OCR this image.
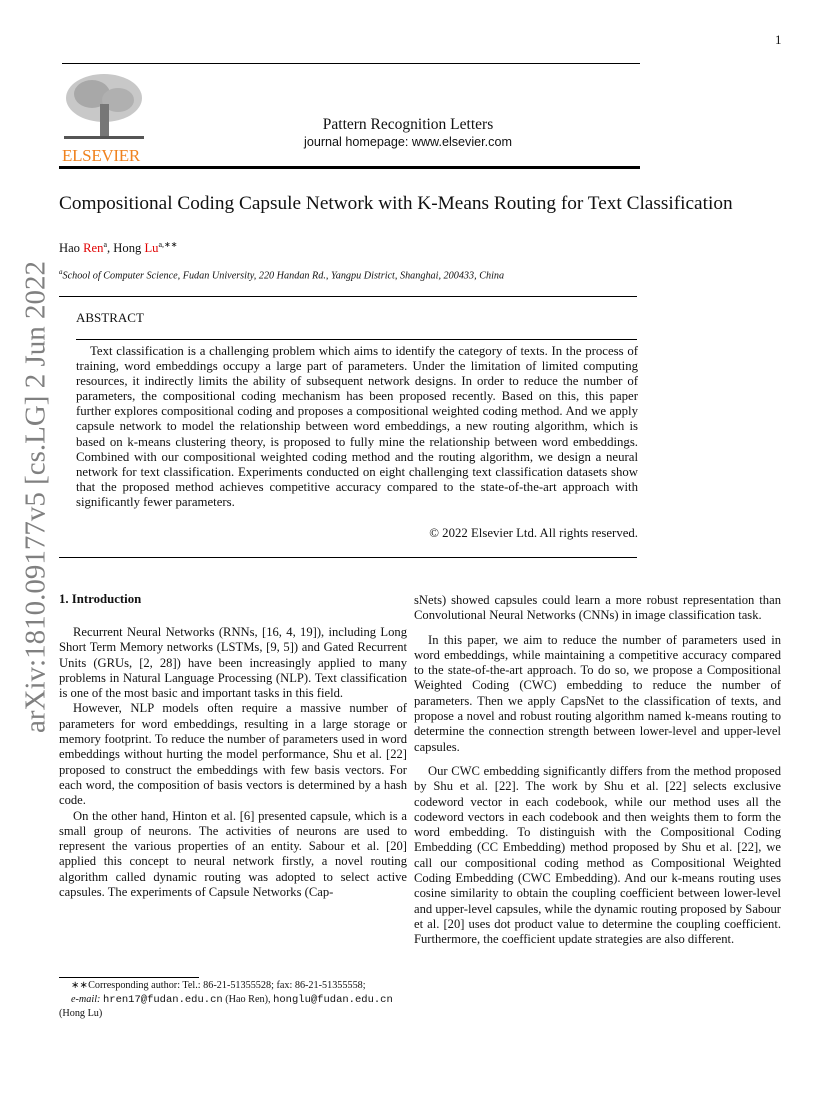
1
arXiv:1810.09177v5 [cs.LG] 2 Jun 2022
ELSEVIER
Pattern Recognition Letters
journal homepage: www.elsevier.com
Compositional Coding Capsule Network with K-Means Routing for Text Classification
Hao Ren$^a$, Hong $Lu^{a,∗∗}$
$^a$School of Computer Science, Fudan University, 220 Handan Rd., Yangpu District, Shanghai, 200433, China
ABSTRACT
Text classification is a challenging problem which aims to identify the category of texts. In the process of training, word embeddings occupy a large part of parameters. Under the limitation of limited computing resources, it indirectly limits the ability of subsequent network designs. In order to reduce the number of parameters, the compositional coding mechanism has been proposed recently. Based on this, this paper further explores compositional coding and proposes a compositional weighted coding method. And we apply capsule network to model the relationship between word embeddings, a new routing algorithm, which is based on k-means clustering theory, is proposed to fully mine the relationship between word embeddings. Combined with our compositional weighted coding method and the routing algorithm, we design a neural network for text classification. Experiments conducted on eight challenging text classification datasets show that the proposed method achieves competitive accuracy compared to the state-of-the-art approach with significantly fewer parameters.
© 2022 Elsevier Ltd. All rights reserved.
1. Introduction
Recurrent Neural Networks (RNNs, [16, 4, 19]), including Long Short Term Memory networks (LSTMs, [9, 5]) and Gated Recurrent Units (GRUs, [2, 28]) have been increasingly applied to many problems in Natural Language Processing (NLP). Text classification is one of the most basic and important tasks in this field.
However, NLP models often require a massive number of parameters for word embeddings, resulting in a large storage or memory footprint. To reduce the number of parameters used in word embeddings without hurting the model performance, Shu et al. [22] proposed to construct the embeddings with few basis vectors. For each word, the composition of basis vectors is determined by a hash code.
On the other hand, Hinton et al. [6] presented capsule, which is a small group of neurons. The activities of neurons are used to represent the various properties of an entity. Sabour et al. [20] applied this concept to neural network firstly, a novel routing algorithm called dynamic routing was adopted to select active capsules. The experiments of Capsule Networks (Cap-
sNets) showed capsules could learn a more robust representation than Convolutional Neural Networks (CNNs) in image classification task.
In this paper, we aim to reduce the number of parameters used in word embeddings, while maintaining a competitive accuracy compared to the state-of-the-art approach. To do so, we propose a Compositional Weighted Coding (CWC) embedding to reduce the number of parameters. Then we apply CapsNet to the classification of texts, and propose a novel and robust routing algorithm named k-means routing to determine the connection strength between lower-level and upper-level capsules.
Our CWC embedding significantly differs from the method proposed by Shu et al. [22]. The work by Shu et al. [22] selects exclusive codeword vector in each codebook, while our method uses all the codeword vectors in each codebook and then weights them to form the word embedding. To distinguish with the Compositional Coding Embedding (CC Embedding) method proposed by Shu et al. [22], we call our compositional coding method as Compositional Weighted Coding Embedding (CWC Embedding). And our k-means routing uses cosine similarity to obtain the coupling coefficient between lower-level and upper-level capsules, while the dynamic routing proposed by Sabour et al. [20] uses dot product value to determine the coupling coefficient. Furthermore, the coefficient update strategies are also different.
∗∗Corresponding author: Tel.: 86-21-51355528; fax: 86-21-51355558;
e-mail: hren17@fudan.edu.cn (Hao Ren), honglu@fudan.edu.cn
(Hong Lu)
